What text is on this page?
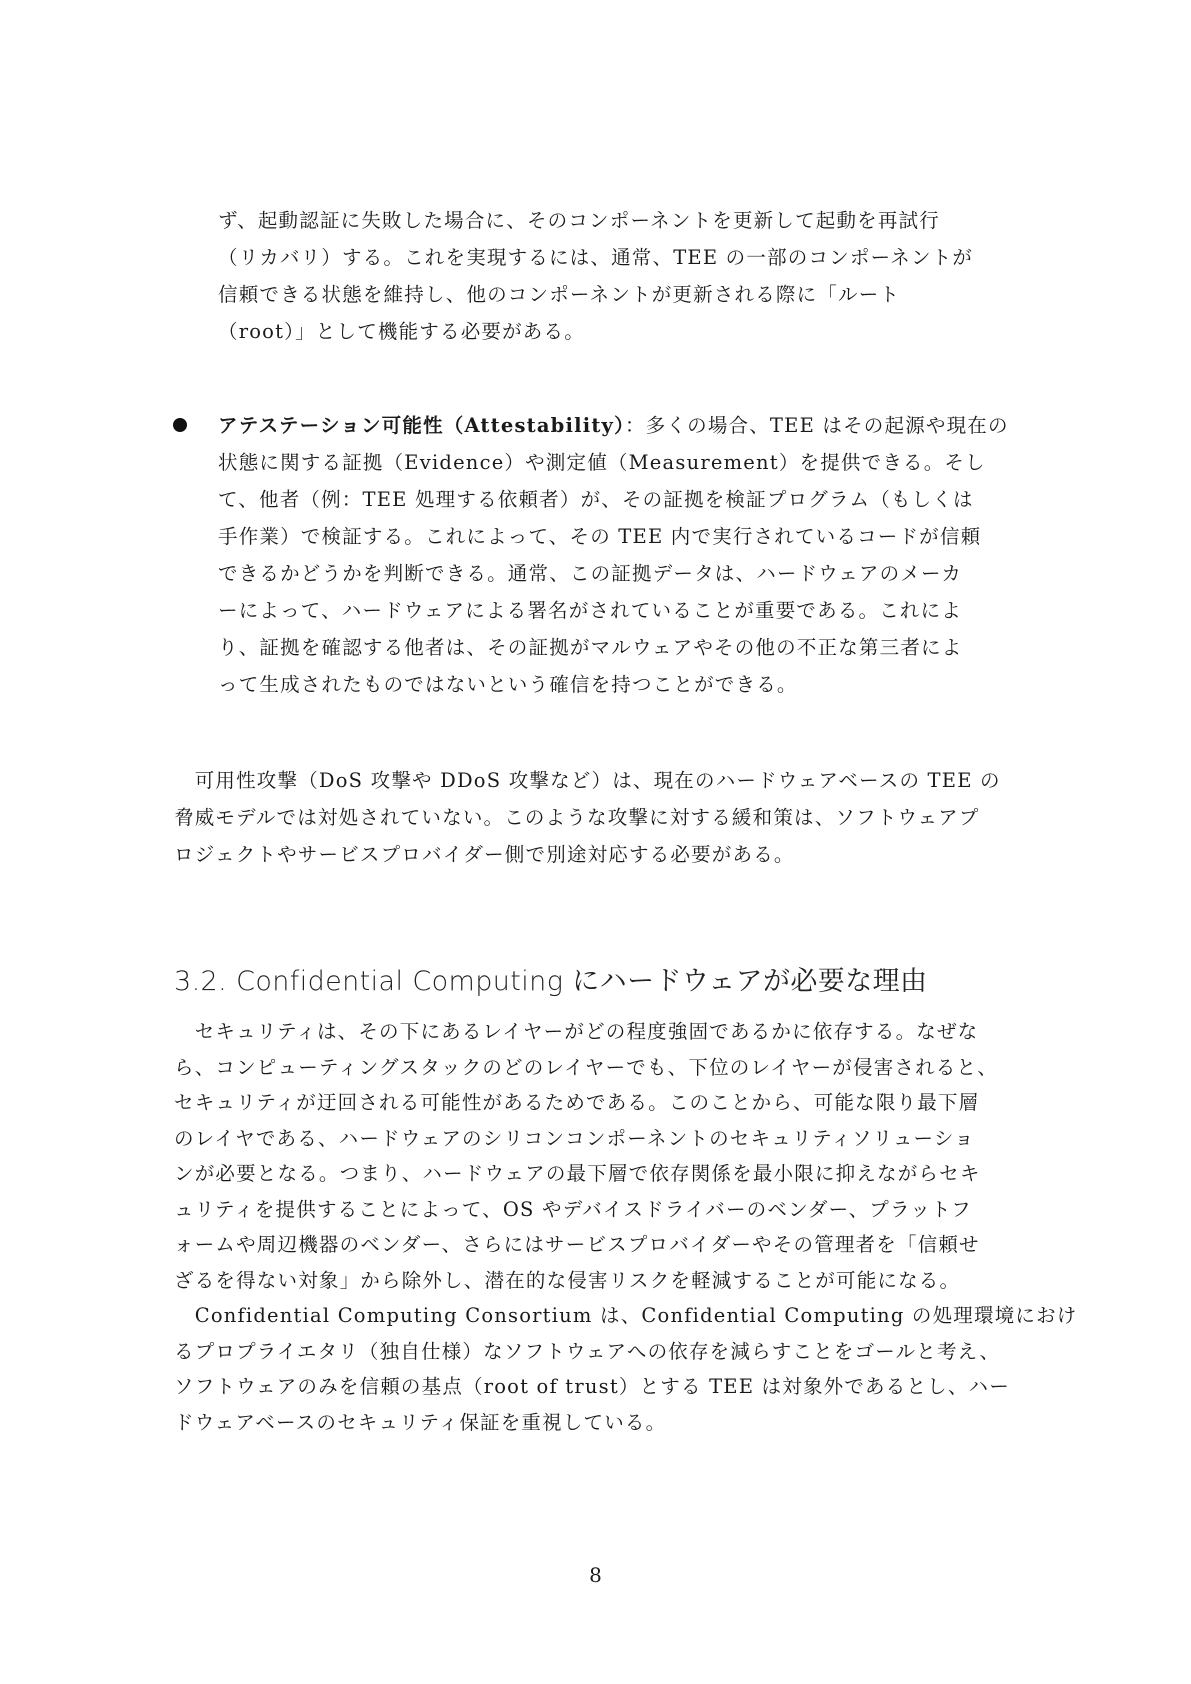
ず、起動認証に失敗した場合に、そのコンポーネントを更新して起動を再試行
（リカバリ）する。これを実現するには、通常、TEE の一部のコンポーネントが
信頼できる状態を維持し、他のコンポーネントが更新される際に「ルート
（root）」として機能する必要がある。
アテステーション可能性（Attestability）：多くの場合、TEE はその起源や現在の
状態に関する証拠（Evidence）や測定値（Measurement）を提供できる。そし
て、他者（例：TEE 処理する依頼者）が、その証拠を検証プログラム（もしくは
手作業）で検証する。これによって、その TEE 内で実行されているコードが信頼
できるかどうかを判断できる。通常、この証拠データは、ハードウェアのメーカ
ーによって、ハードウェアによる署名がされていることが重要である。これによ
り、証拠を確認する他者は、その証拠がマルウェアやその他の不正な第三者によ
って生成されたものではないという確信を持つことができる。
　可用性攻撃（DoS 攻撃や DDoS 攻撃など）は、現在のハードウェアベースの TEE の
脅威モデルでは対処されていない。このような攻撃に対する緩和策は、ソフトウェアプ
ロジェクトやサービスプロバイダー側で別途対応する必要がある。
3.2. Confidential Computing にハードウェアが必要な理由
　セキュリティは、その下にあるレイヤーがどの程度強固であるかに依存する。なぜな
ら、コンピューティングスタックのどのレイヤーでも、下位のレイヤーが侵害されると、
セキュリティが迂回される可能性があるためである。このことから、可能な限り最下層
のレイヤである、ハードウェアのシリコンコンポーネントのセキュリティソリューショ
ンが必要となる。つまり、ハードウェアの最下層で依存関係を最小限に抑えながらセキ
ュリティを提供することによって、OS やデバイスドライバーのベンダー、プラットフ
ォームや周辺機器のベンダー、さらにはサービスプロバイダーやその管理者を「信頼せ
ざるを得ない対象」から除外し、潜在的な侵害リスクを軽減することが可能になる。
　Confidential Computing Consortium は、Confidential Computing の処理環境におけ
るプロプライエタリ（独自仕様）なソフトウェアへの依存を減らすことをゴールと考え、
ソフトウェアのみを信頼の基点（root of trust）とする TEE は対象外であるとし、ハー
ドウェアベースのセキュリティ保証を重視している。
8
